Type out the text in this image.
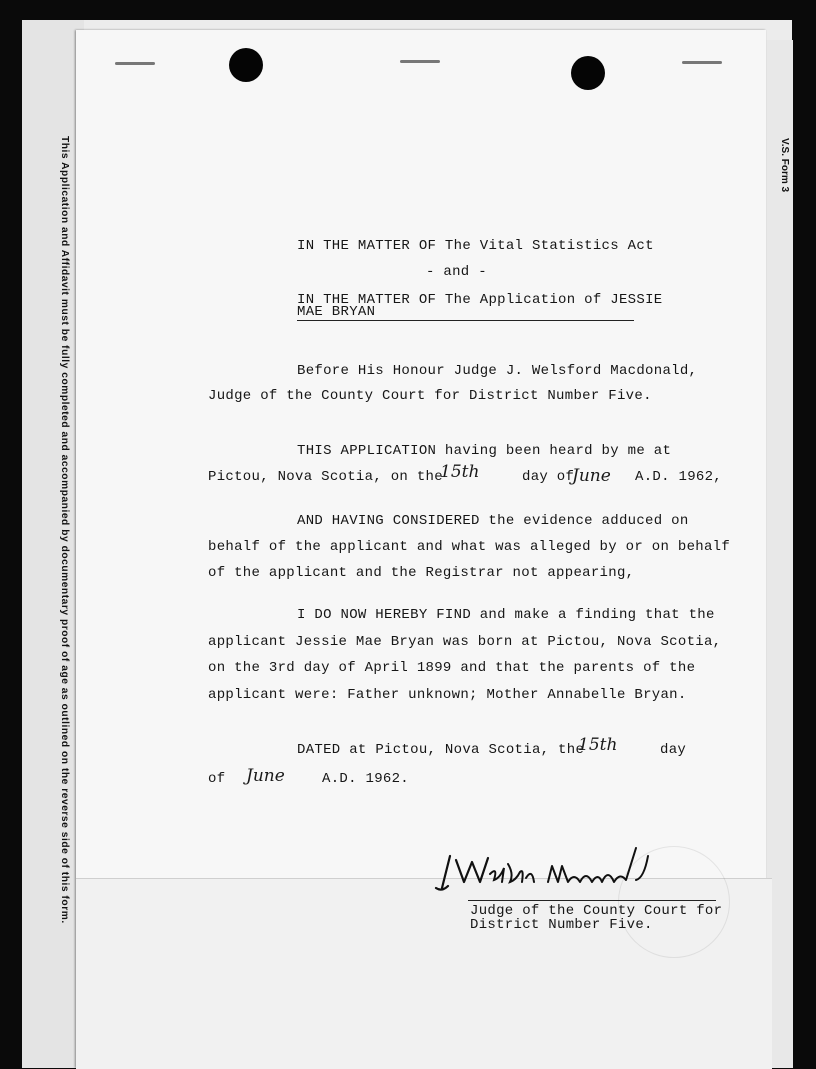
This Application and Affidavit must be fully completed and accompanied by documentary proof of age as outlined on the reverse side of this form.	V.S. Form 3
IN THE MATTER OF The Vital Statistics Act
- and -
IN THE MATTER OF The Application of JESSIE
MAE BRYAN
Before His Honour Judge J. Welsford Macdonald,
Judge of the County Court for District Number Five.
THIS APPLICATION having been heard by me at
Pictou, Nova Scotia, on the
15th	day of
June A.D. 1962,
AND HAVING CONSIDERED the evidence adduced on
behalf of the applicant and what was alleged by or on behalf
of the applicant and the Registrar not appearing,
I DO NOW HEREBY FIND and make a finding that the
applicant Jessie Mae Bryan was born at Pictou, Nova Scotia,
on the 3rd day of April 1899 and that the parents of the
applicant were: Father unknown; Mother Annabelle Bryan.
DATED at Pictou, Nova Scotia, the
15th	day
of June	A.D. 1962.
Judge of the County Court for
District Number Five.
